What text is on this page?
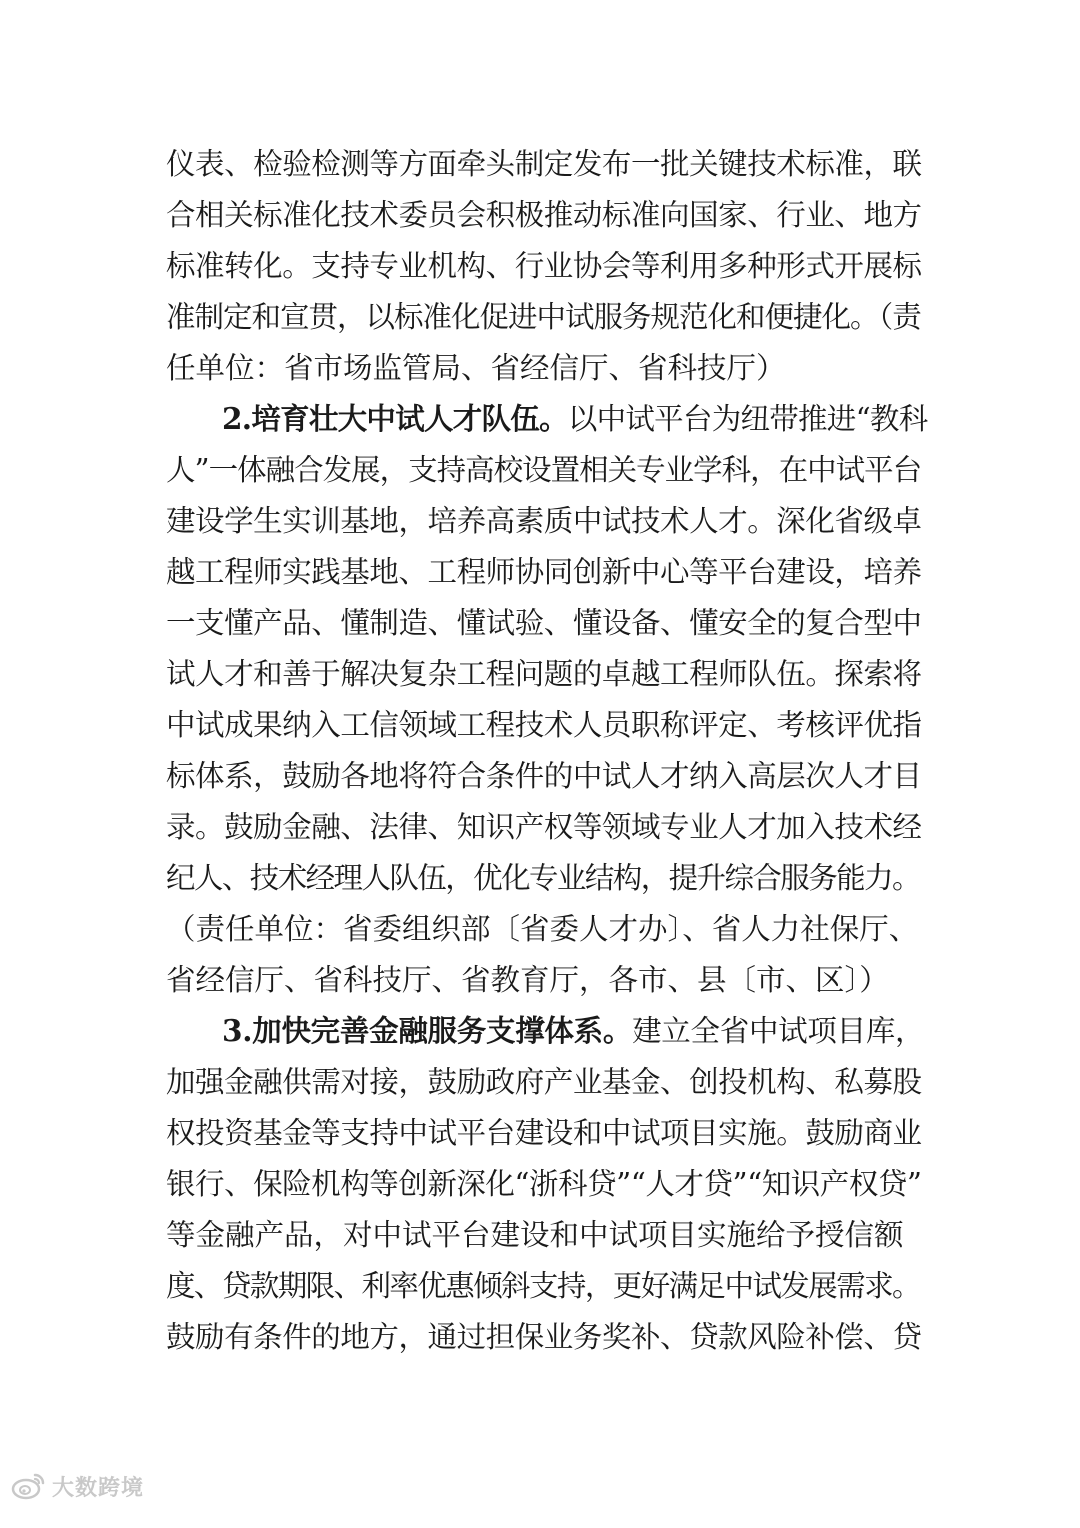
仪表、检验检测等方面牵头制定发布一批关键技术标准，联
合相关标准化技术委员会积极推动标准向国家、行业、地方
标准转化。支持专业机构、行业协会等利用多种形式开展标
准制定和宣贯，以标准化促进中试服务规范化和便捷化。（责
任单位：省市场监管局、省经信厅、省科技厅）
2.培育壮大中试人才队伍。以中试平台为纽带推进“教科
人”一体融合发展，支持高校设置相关专业学科，在中试平台
建设学生实训基地，培养高素质中试技术人才。深化省级卓
越工程师实践基地、工程师协同创新中心等平台建设，培养
一支懂产品、懂制造、懂试验、懂设备、懂安全的复合型中
试人才和善于解决复杂工程问题的卓越工程师队伍。探索将
中试成果纳入工信领域工程技术人员职称评定、考核评优指
标体系，鼓励各地将符合条件的中试人才纳入高层次人才目
录。鼓励金融、法律、知识产权等领域专业人才加入技术经
纪人、技术经理人队伍，优化专业结构，提升综合服务能力。
（责任单位：省委组织部〔省委人才办〕、省人力社保厅、
省经信厅、省科技厅、省教育厅，各市、县〔市、区〕）
3.加快完善金融服务支撑体系。建立全省中试项目库，
加强金融供需对接，鼓励政府产业基金、创投机构、私募股
权投资基金等支持中试平台建设和中试项目实施。鼓励商业
银行、保险机构等创新深化“浙科贷”“人才贷”“知识产权贷”
等金融产品，对中试平台建设和中试项目实施给予授信额
度、贷款期限、利率优惠倾斜支持，更好满足中试发展需求。
鼓励有条件的地方，通过担保业务奖补、贷款风险补偿、贷
大数跨境
